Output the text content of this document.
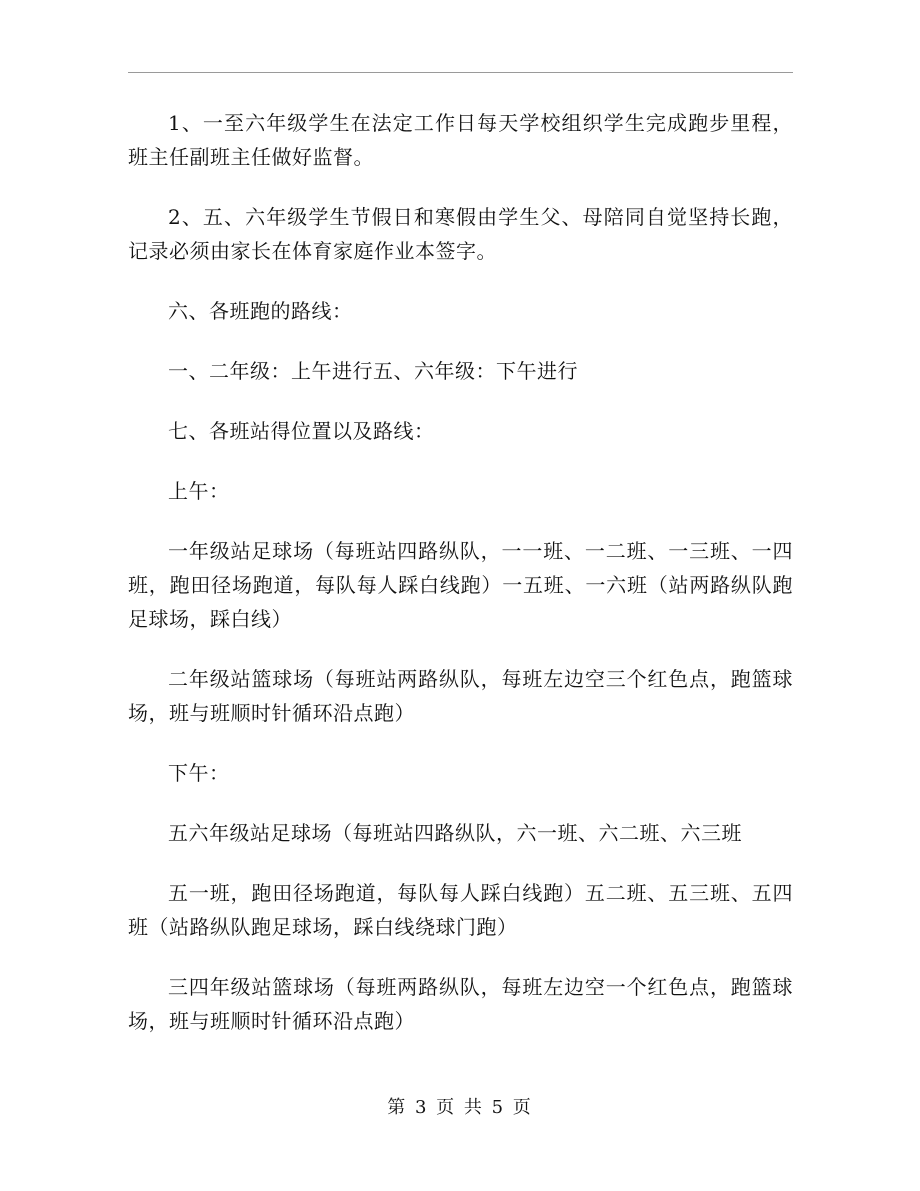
1、一至六年级学生在法定工作日每天学校组织学生完成跑步里程，班主任副班主任做好监督。

2、五、六年级学生节假日和寒假由学生父、母陪同自觉坚持长跑，记录必须由家长在体育家庭作业本签字。

六、各班跑的路线：

一、二年级：上午进行五、六年级：下午进行

七、各班站得位置以及路线：

上午：

一年级站足球场（每班站四路纵队，一一班、一二班、一三班、一四班，跑田径场跑道，每队每人踩白线跑）一五班、一六班（站两路纵队跑足球场，踩白线）

二年级站篮球场（每班站两路纵队，每班左边空三个红色点，跑篮球场，班与班顺时针循环沿点跑）

下午：

五六年级站足球场（每班站四路纵队，六一班、六二班、六三班

五一班，跑田径场跑道，每队每人踩白线跑）五二班、五三班、五四班（站路纵队跑足球场，踩白线绕球门跑）

三四年级站篮球场（每班两路纵队，每班左边空一个红色点，跑篮球场，班与班顺时针循环沿点跑）

第 3 页 共 5 页
